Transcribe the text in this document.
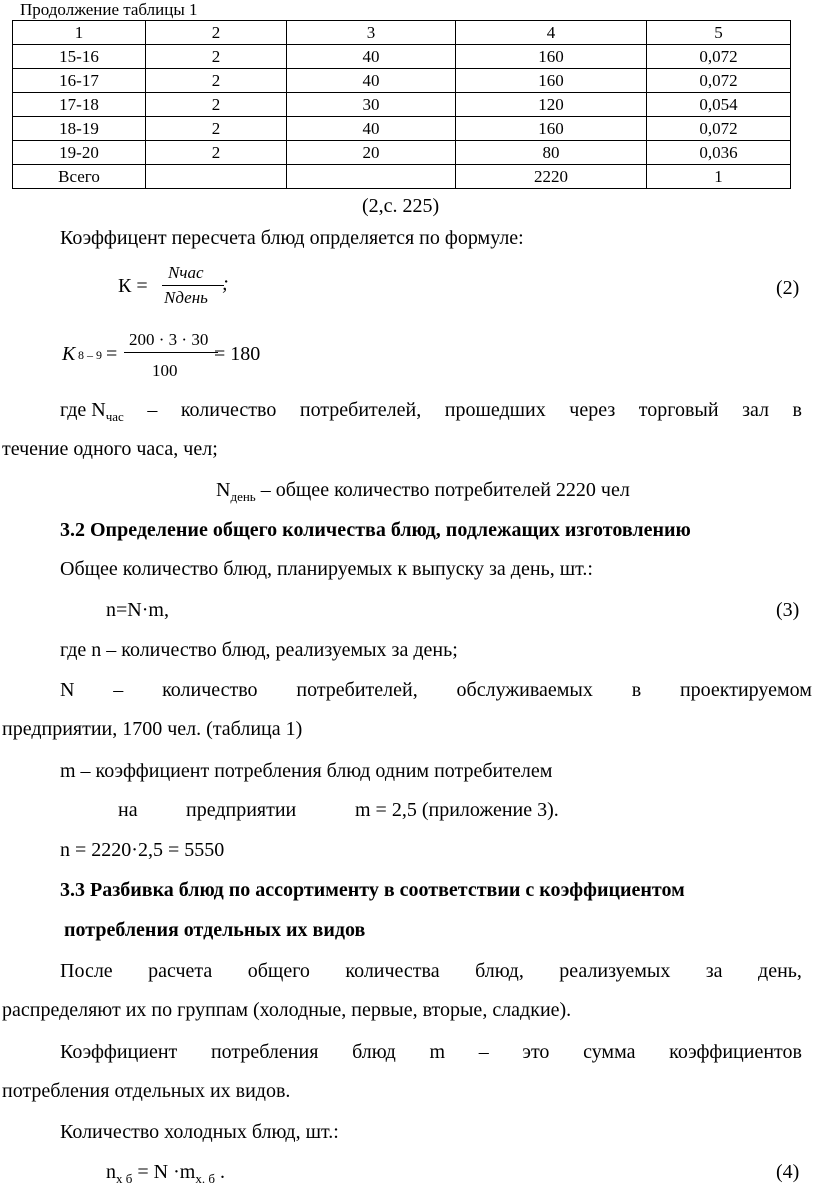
Продолжение таблицы 1
1	2	3	4	5
15-16	2	40	160	0,072
16-17	2	40	160	0,072
17-18	2	30	120	0,054
18-19	2	40	160	0,072
19-20	2	20	80	0,036
Всего			2220	1
(2,с. 225)
Коэффицент пересчета блюд опрделяется по формуле:
К =
Nчас
Nдень
;	(2)
К 8 – 9 =
200 · 3 · 30
100
= 180
где $N_{час}$ – количество потребителей, прошедших через торговый зал в
течение одного часа, чел;
$N_{день}$ – общее количество потребителей 2220 чел
3.2 Определение общего количества блюд, подлежащих изготовлению
Общее количество блюд, планируемых к выпуску за день, шт.:
n=N·m,	(3)
где n – количество блюд, реализуемых за день;
N – количество потребителей, обслуживаемых в проектируемом
предприятии, 1700 чел. (таблица 1)
m – коэффициент потребления блюд одним потребителем
на предприятии	m = 2,5 (приложение 3).
n = 2220·2,5 = 5550
3.3 Разбивка блюд по ассортименту в соответствии с коэффициентом
потребления отдельных их видов
После расчета общего количества блюд, реализуемых за день,
распределяют их по группам (холодные, первые, вторые, сладкие).
Коэффициент потребления блюд m – это сумма коэффициентов
потребления отдельных их видов.
Количество холодных блюд, шт.:
$n_{х б} = N \cdot m_{х. б}$ .	(4)
